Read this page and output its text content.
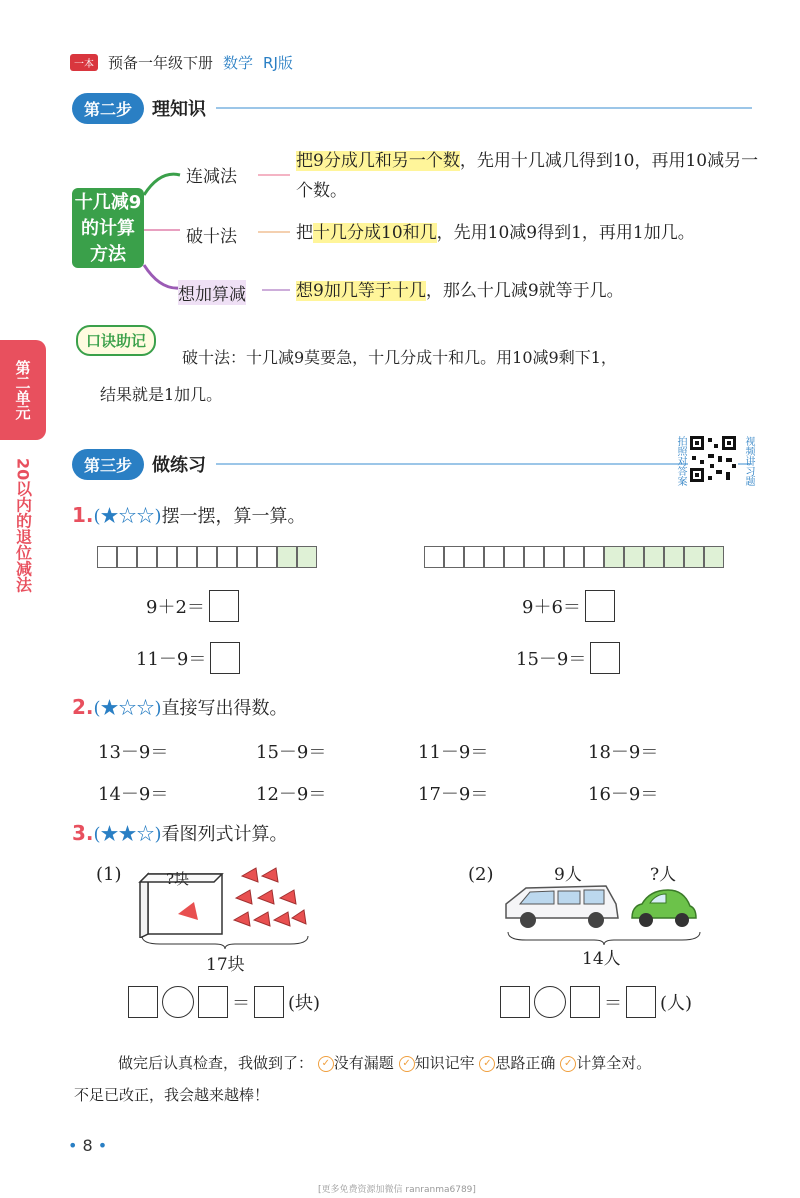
一本 预备一年级下册 数学 RJ版
第二步	理知识
十几减9的计算方法
连减法
把9分成几和另一个数，先用十几减几得到10，再用10减另一个数。
破十法	把十几分成10和几，先用10减9得到1，再用1加几。
想加算减	想9加几等于十几，那么十几减9就等于几。
口诀助记
破十法：十几减9莫要急，十几分成十和几。用10减9剩下1，
结果就是1加几。
第二单元
20以内的退位减法	第三步	做练习	拍照对答案	视频讲习题
1.(★☆☆)摆一摆，算一算。
9＋2＝	9＋6＝
11－9＝	15－9＝
2.(★☆☆)直接写出得数。
13－9＝	15－9＝	11－9＝	18－9＝
14－9＝	12－9＝	17－9＝	16－9＝
3.(★★☆)看图列式计算。
(1)	?块
17块
＝ (块)
(2)	9人	?人
14人
＝ (人)
做完后认真检查，我做到了： ✓ 没有漏题 ✓ 知识记牢 ✓ 思路正确 ✓ 计算全对。
不足已改正，我会越来越棒！
• 8 •
[更多免费资源加微信 ranranma6789]
